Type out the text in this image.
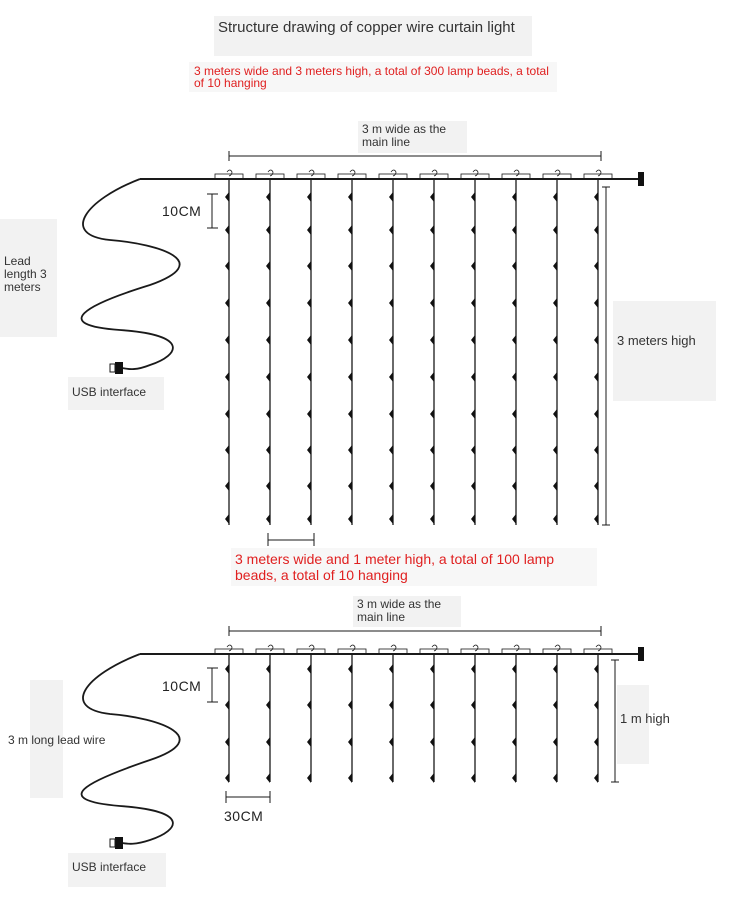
Structure drawing of copper wire curtain light
3 meters wide and 3 meters high, a total of 300 lamp beads, a total of 10 hanging
3 m wide as the main line
10CM
Lead length 3 meters
3 meters high
USB interface
3 meters wide and 1 meter high, a total of 100 lamp beads, a total of 10 hanging
3 m wide as the main line
10CM
3 m long lead wire
1 m high
30CM
USB interface
